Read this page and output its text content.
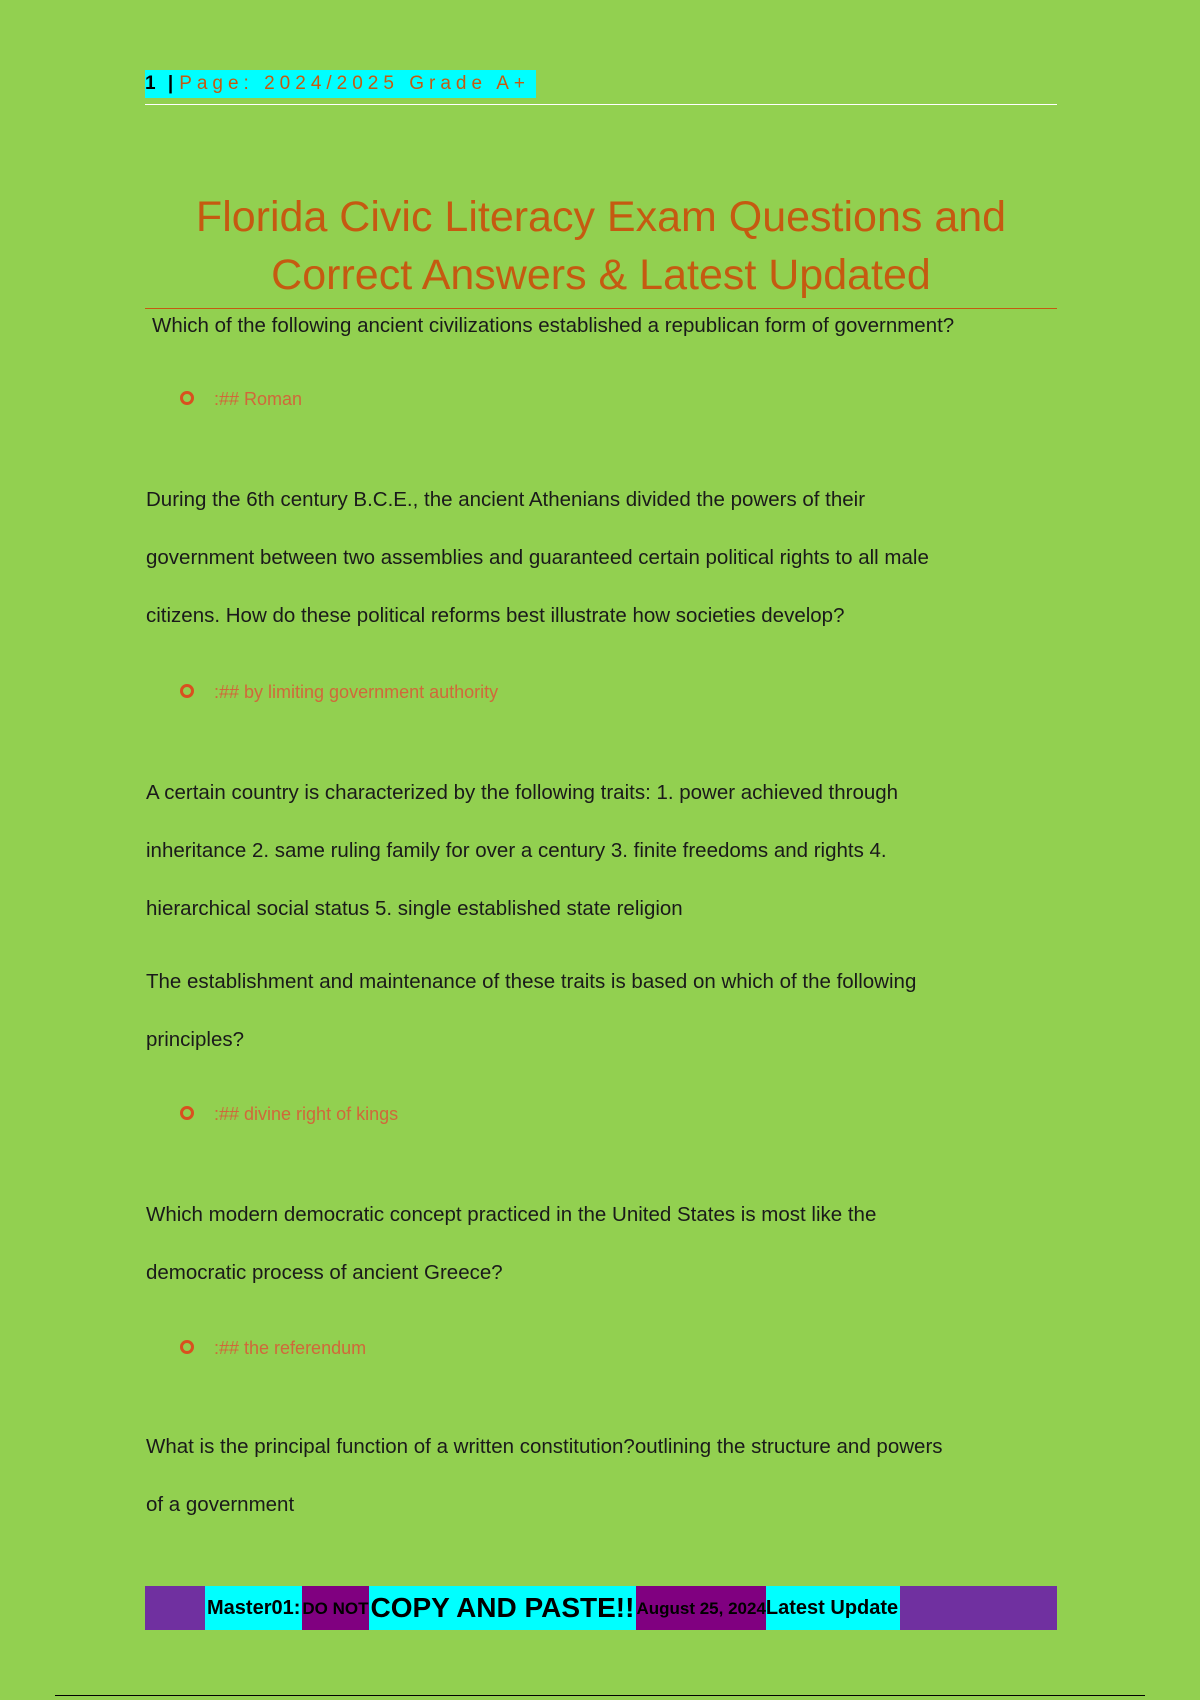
1 | Page: 2024/2025 Grade A+
Florida Civic Literacy Exam Questions and
Correct Answers & Latest Updated

Which of the following ancient civilizations established a republican form of government?

:## Roman

During the 6th century B.C.E., the ancient Athenians divided the powers of their
government between two assemblies and guaranteed certain political rights to all male
citizens. How do these political reforms best illustrate how societies develop?

:## by limiting government authority

A certain country is characterized by the following traits: 1. power achieved through
inheritance 2. same ruling family for over a century 3. finite freedoms and rights 4.
hierarchical social status 5. single established state religion

The establishment and maintenance of these traits is based on which of the following
principles?

:## divine right of kings

Which modern democratic concept practiced in the United States is most like the
democratic process of ancient Greece?

:## the referendum

What is the principal function of a written constitution?outlining the structure and powers
of a government

Master01: DO NOT COPY AND PASTE!! August 25, 2024 Latest Update
